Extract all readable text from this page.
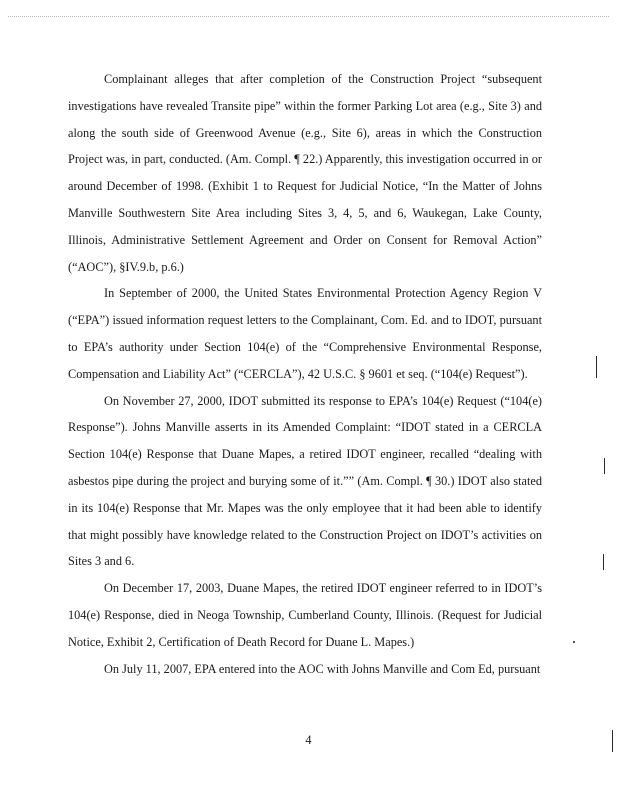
Complainant alleges that after completion of the Construction Project “subsequent investigations have revealed Transite pipe” within the former Parking Lot area (e.g., Site 3) and along the south side of Greenwood Avenue (e.g., Site 6), areas in which the Construction Project was, in part, conducted. (Am. Compl. ¶ 22.) Apparently, this investigation occurred in or around December of 1998. (Exhibit 1 to Request for Judicial Notice, “In the Matter of Johns Manville Southwestern Site Area including Sites 3, 4, 5, and 6, Waukegan, Lake County, Illinois, Administrative Settlement Agreement and Order on Consent for Removal Action” (“AOC”), §IV.9.b, p.6.)

In September of 2000, the United States Environmental Protection Agency Region V (“EPA”) issued information request letters to the Complainant, Com. Ed. and to IDOT, pursuant to EPA’s authority under Section 104(e) of the “Comprehensive Environmental Response, Compensation and Liability Act” (“CERCLA”), 42 U.S.C. § 9601 et seq. (“104(e) Request”).

On November 27, 2000, IDOT submitted its response to EPA’s 104(e) Request (“104(e) Response”). Johns Manville asserts in its Amended Complaint: “IDOT stated in a CERCLA Section 104(e) Response that Duane Mapes, a retired IDOT engineer, recalled “dealing with asbestos pipe during the project and burying some of it.”” (Am. Compl. ¶ 30.) IDOT also stated in its 104(e) Response that Mr. Mapes was the only employee that it had been able to identify that might possibly have knowledge related to the Construction Project on IDOT’s activities on Sites 3 and 6.

On December 17, 2003, Duane Mapes, the retired IDOT engineer referred to in IDOT’s 104(e) Response, died in Neoga Township, Cumberland County, Illinois. (Request for Judicial Notice, Exhibit 2, Certification of Death Record for Duane L. Mapes.)

On July 11, 2007, EPA entered into the AOC with Johns Manville and Com Ed, pursuant

4
